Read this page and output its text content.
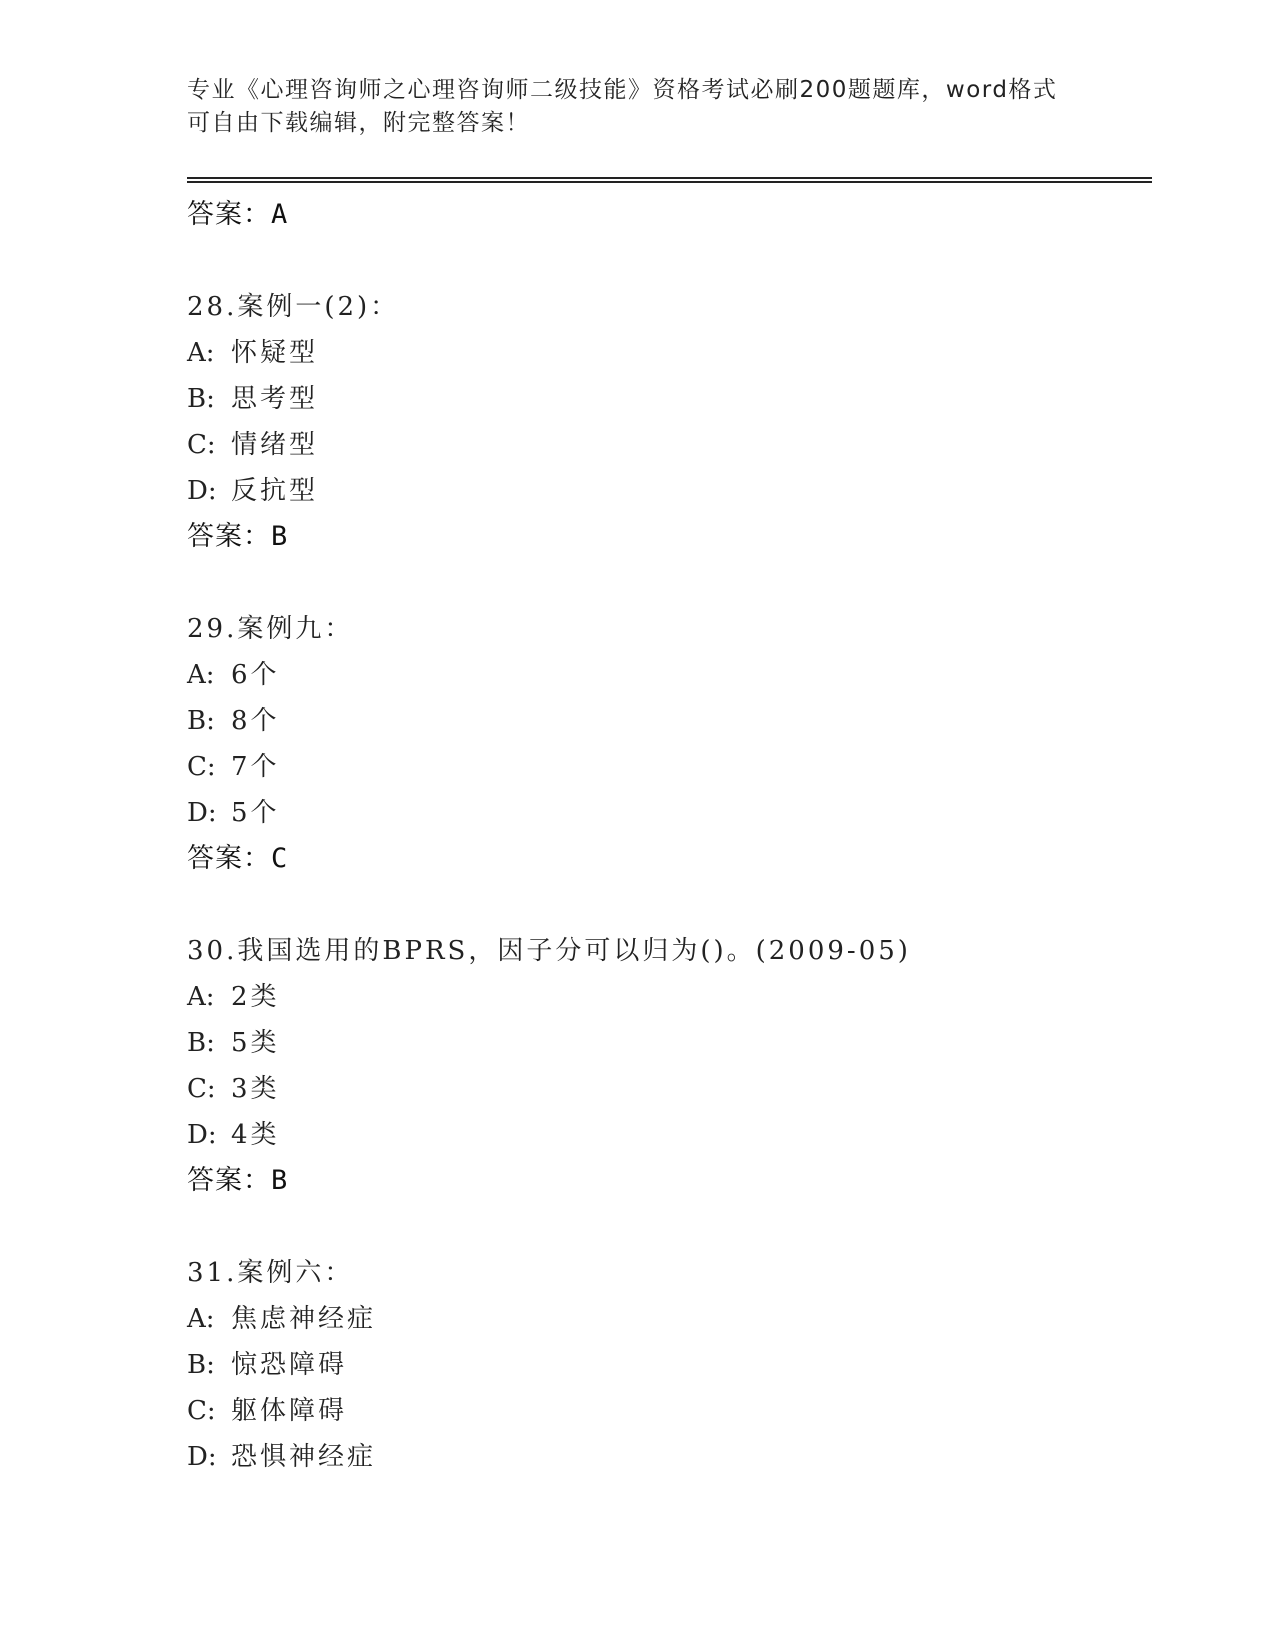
专业《心理咨询师之心理咨询师二级技能》资格考试必刷200题题库，word格式
可自由下载编辑，附完整答案！
答案：A
28.案例一(2)：
A: 怀疑型
B: 思考型
C: 情绪型
D: 反抗型
答案：B
29.案例九：
A: 6个
B: 8个
C: 7个
D: 5个
答案：C
30.我国选用的BPRS，因子分可以归为()。(2009-05)
A: 2类
B: 5类
C: 3类
D: 4类
答案：B
31.案例六：
A: 焦虑神经症
B: 惊恐障碍
C: 躯体障碍
D: 恐惧神经症
